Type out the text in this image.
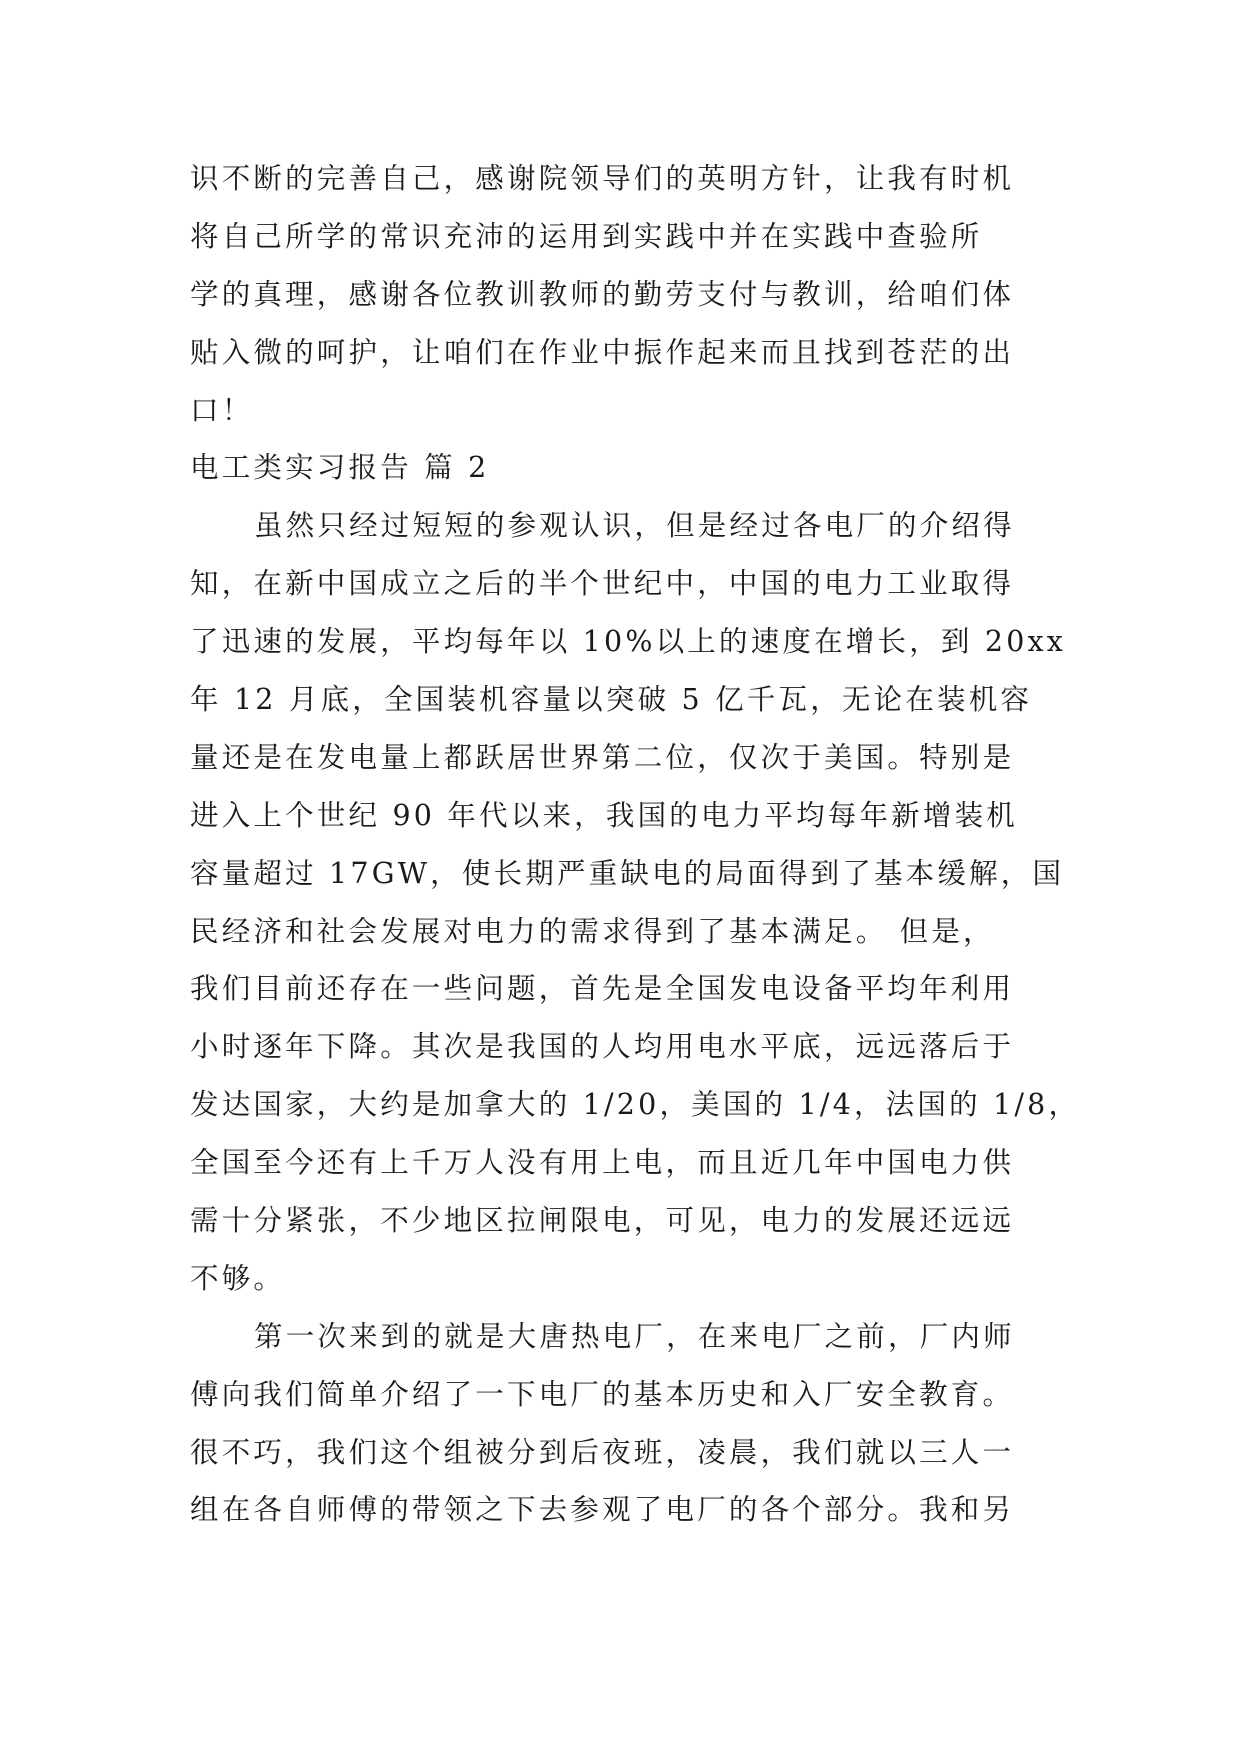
识不断的完善自己，感谢院领导们的英明方针，让我有时机
将自己所学的常识充沛的运用到实践中并在实践中查验所
学的真理，感谢各位教训教师的勤劳支付与教训，给咱们体
贴入微的呵护，让咱们在作业中振作起来而且找到苍茫的出
口！
电工类实习报告 篇 2
虽然只经过短短的参观认识，但是经过各电厂的介绍得
知，在新中国成立之后的半个世纪中，中国的电力工业取得
了迅速的发展，平均每年以 10%以上的速度在增长，到 20xx
年 12 月底，全国装机容量以突破 5 亿千瓦，无论在装机容
量还是在发电量上都跃居世界第二位，仅次于美国。特别是
进入上个世纪 90 年代以来，我国的电力平均每年新增装机
容量超过 17GW，使长期严重缺电的局面得到了基本缓解，国
民经济和社会发展对电力的需求得到了基本满足。 但是，
我们目前还存在一些问题，首先是全国发电设备平均年利用
小时逐年下降。其次是我国的人均用电水平底，远远落后于
发达国家，大约是加拿大的 1/20，美国的 1/4，法国的 1/8，
全国至今还有上千万人没有用上电，而且近几年中国电力供
需十分紧张，不少地区拉闸限电，可见，电力的发展还远远
不够。
第一次来到的就是大唐热电厂，在来电厂之前，厂内师
傅向我们简单介绍了一下电厂的基本历史和入厂安全教育。
很不巧，我们这个组被分到后夜班，凌晨，我们就以三人一
组在各自师傅的带领之下去参观了电厂的各个部分。我和另
